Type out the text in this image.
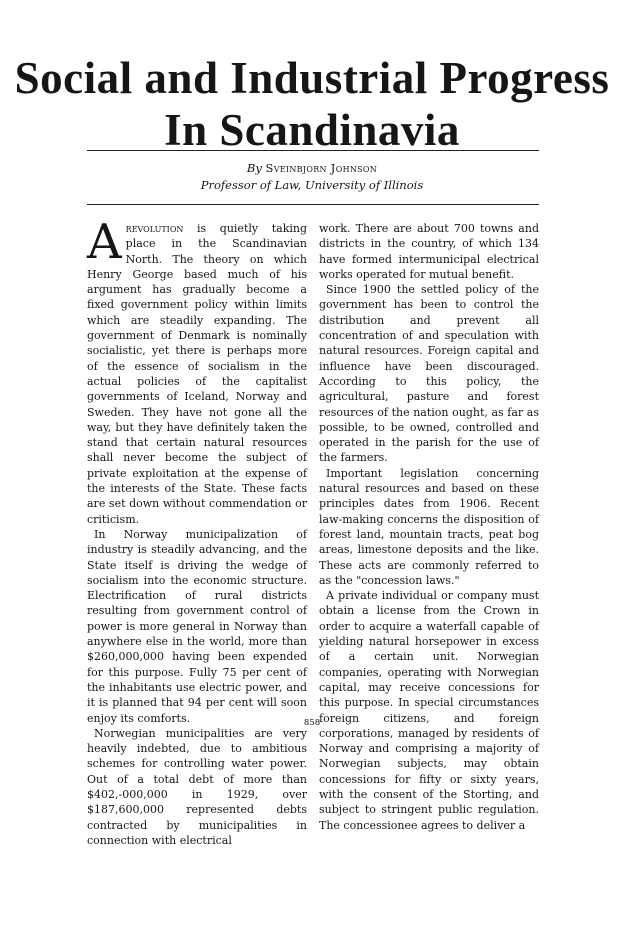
Social and Industrial Progress
In Scandinavia
By Sveinbjorn Johnson
Professor of Law, University of Illinois

Arevolution is quietly taking place in the Scandinavian North. The theory on which Henry George based much of his argument has gradually become a fixed government policy within limits which are steadily expanding. The government of Denmark is nominally socialistic, yet there is perhaps more of the essence of socialism in the actual policies of the capitalist governments of Iceland, Norway and Sweden. They have not gone all the way, but they have definitely taken the stand that certain natural resources shall never become the subject of private exploitation at the expense of the interests of the State. These facts are set down without commendation or criticism.

In Norway municipalization of industry is steadily advancing, and the State itself is driving the wedge of socialism into the economic structure. Electrification of rural districts resulting from government control of power is more general in Norway than anywhere else in the world, more than $260,000,000 having been expended for this purpose. Fully 75 per cent of the inhabitants use electric power, and it is planned that 94 per cent will soon enjoy its comforts.

Norwegian municipalities are very heavily indebted, due to ambitious schemes for controlling water power. Out of a total debt of more than $402,-000,000 in 1929, over $187,600,000 represented debts contracted by municipalities in connection with electrical

work. There are about 700 towns and districts in the country, of which 134 have formed intermunicipal electrical works operated for mutual benefit.

Since 1900 the settled policy of the government has been to control the distribution and prevent all concentration of and speculation with natural resources. Foreign capital and influence have been discouraged. According to this policy, the agricultural, pasture and forest resources of the nation ought, as far as possible, to be owned, controlled and operated in the parish for the use of the farmers.

Important legislation concerning natural resources and based on these principles dates from 1906. Recent law-making concerns the disposition of forest land, mountain tracts, peat bog areas, limestone deposits and the like. These acts are commonly referred to as the "concession laws."

A private individual or company must obtain a license from the Crown in order to acquire a waterfall capable of yielding natural horsepower in excess of a certain unit. Norwegian companies, operating with Norwegian capital, may receive concessions for this purpose. In special circumstances foreign citizens, and foreign corporations, managed by residents of Norway and comprising a majority of Norwegian subjects, may obtain concessions for fifty or sixty years, with the consent of the Storting, and subject to stringent public regulation. The concessionee agrees to deliver a

858
